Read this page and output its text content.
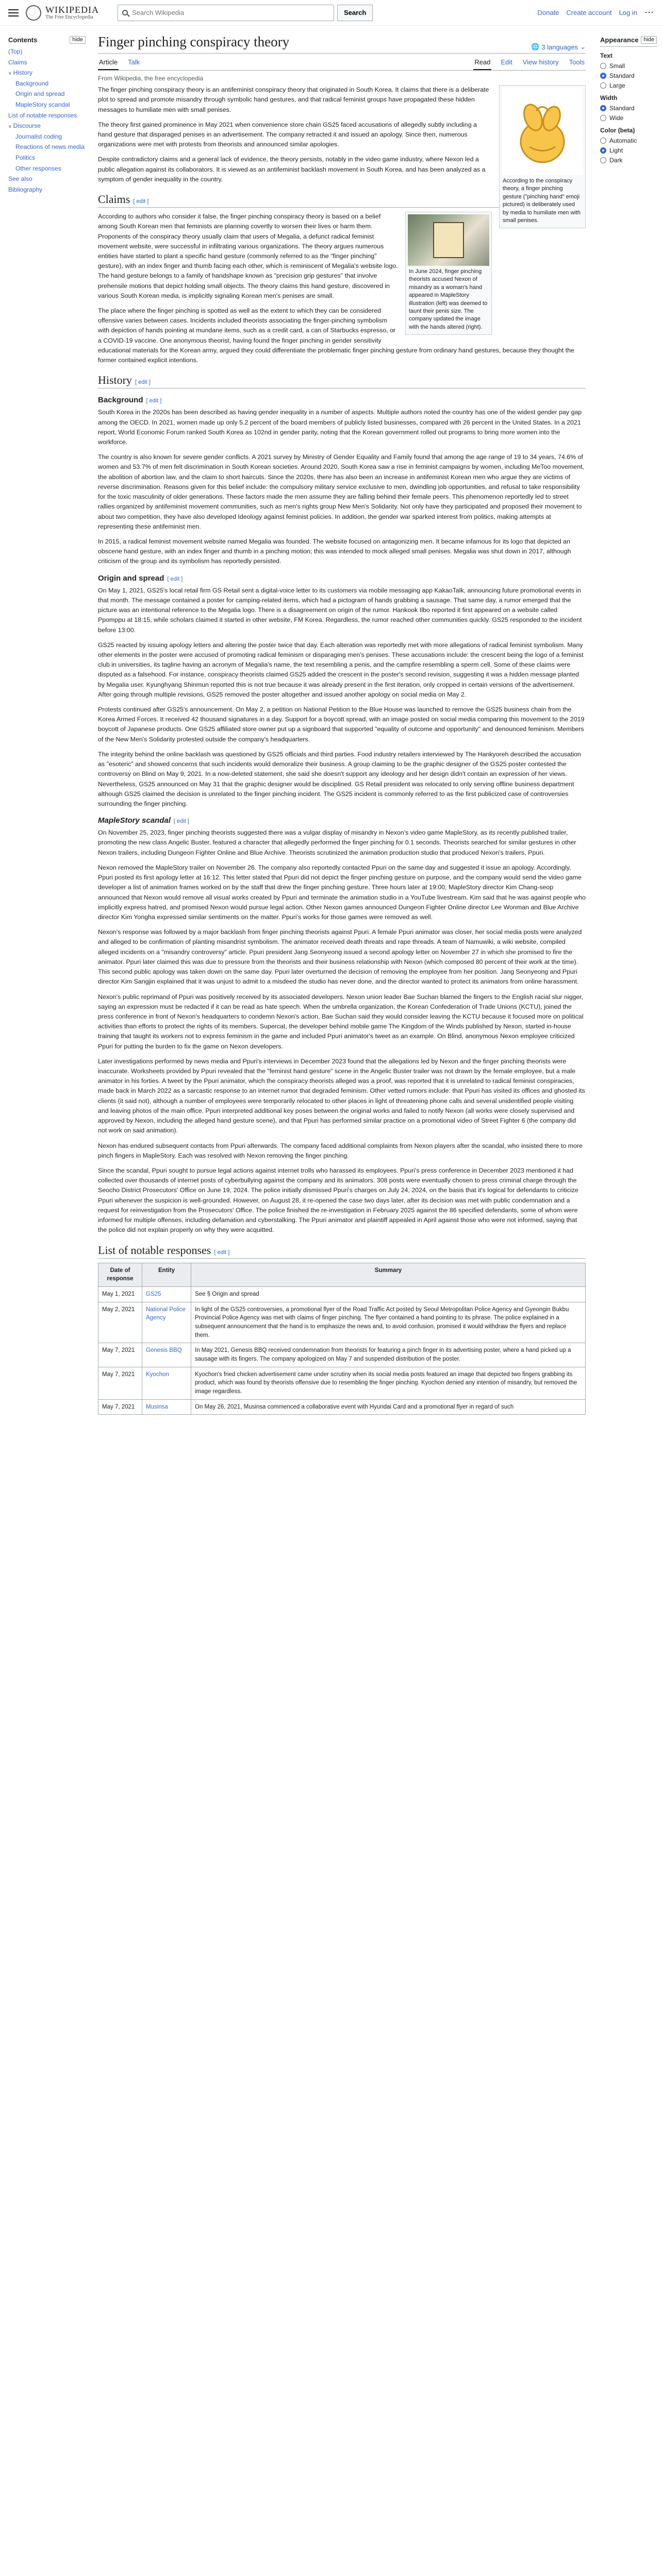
WIKIPEDIA
The Free Encyclopedia
Search Wikipedia
Search	Donate Create account Log in ⋯
Contents	hide
(Top)
Claims
∨ History
Background
Origin and spread
MapleStory scandal
List of notable responses
∨ Discourse
Journalist coding
Reactions of news media
Politics
Other responses
See also
Bibliography
Finger pinching conspiracy theory	🌐 3 languages ⌄
Article Talk	Read Edit View history Tools
From Wikipedia, the free encyclopedia
According to the conspiracy theory, a finger pinching gesture ("pinching hand" emoji pictured) is deliberately used by media to humiliate men with small penises.

The finger pinching conspiracy theory is an antifeminist conspiracy theory that originated in South Korea. It claims that there is a deliberate plot to spread and promote misandry through symbolic hand gestures, and that radical feminist groups have propagated these hidden messages to humiliate men with small penises.

The theory first gained prominence in May 2021 when convenience store chain GS25 faced accusations of allegedly subtly including a hand gesture that disparaged penises in an advertisement. The company retracted it and issued an apology. Since then, numerous organizations were met with protests from theorists and announced similar apologies.

Despite contradictory claims and a general lack of evidence, the theory persists, notably in the video game industry, where Nexon led a public allegation against its collaborators. It is viewed as an antifeminist backlash movement in South Korea, and has been analyzed as a symptom of gender inequality in the country.

Claims [ edit ]
In June 2024, finger pinching theorists accused Nexon of misandry as a woman's hand appeared in MapleStory illustration (left) was deemed to taunt their penis size. The company updated the image with the hands altered (right).

According to authors who consider it false, the finger pinching conspiracy theory is based on a belief among South Korean men that feminists are planning covertly to worsen their lives or harm them. Proponents of the conspiracy theory usually claim that users of Megalia, a defunct radical feminist movement website, were successful in infiltrating various organizations. The theory argues numerous entities have started to plant a specific hand gesture (commonly referred to as the "finger pinching" gesture), with an index finger and thumb facing each other, which is reminiscent of Megalia's website logo. The hand gesture belongs to a family of handshape known as "precision grip gestures" that involve prehensile motions that depict holding small objects. The theory claims this hand gesture, discovered in various South Korean media, is implicitly signaling Korean men's penises are small.

The place where the finger pinching is spotted as well as the extent to which they can be considered offensive varies between cases. Incidents included theorists associating the finger-pinching symbolism with depiction of hands pointing at mundane items, such as a credit card, a can of Starbucks espresso, or a COVID-19 vaccine. One anonymous theorist, having found the finger pinching in gender sensitivity educational materials for the Korean army, argued they could differentiate the problematic finger pinching gesture from ordinary hand gestures, because they thought the former contained explicit intentions.

History [ edit ]
Background [ edit ]

South Korea in the 2020s has been described as having gender inequality in a number of aspects. Multiple authors noted the country has one of the widest gender pay gap among the OECD. In 2021, women made up only 5.2 percent of the board members of publicly listed businesses, compared with 26 percent in the United States. In a 2021 report, World Economic Forum ranked South Korea as 102nd in gender parity, noting that the Korean government rolled out programs to bring more women into the workforce.

The country is also known for severe gender conflicts. A 2021 survey by Ministry of Gender Equality and Family found that among the age range of 19 to 34 years, 74.6% of women and 53.7% of men felt discrimination in South Korean societies. Around 2020, South Korea saw a rise in feminist campaigns by women, including MeToo movement, the abolition of abortion law, and the claim to short haircuts. Since the 2020s, there has also been an increase in antifeminist Korean men who argue they are victims of reverse discrimination. Reasons given for this belief include: the compulsory military service exclusive to men, dwindling job opportunities, and refusal to take responsibility for the toxic masculinity of older generations. These factors made the men assume they are falling behind their female peers. This phenomenon reportedly led to street rallies organized by antifeminist movement communities, such as men's rights group New Men's Solidarity. Not only have they participated and proposed their movement to about two competition, they have also developed Ideology against feminist policies. In addition, the gender war sparked interest from politics, making attempts at representing these antifeminist men.

In 2015, a radical feminist movement website named Megalia was founded. The website focused on antagonizing men. It became infamous for its logo that depicted an obscene hand gesture, with an index finger and thumb in a pinching motion; this was intended to mock alleged small penises. Megalia was shut down in 2017, although criticism of the group and its symbolism has reportedly persisted.

Origin and spread [ edit ]

On May 1, 2021, GS25's local retail firm GS Retail sent a digital-voice letter to its customers via mobile messaging app KakaoTalk, announcing future promotional events in that month. The message contained a poster for camping-related items, which had a pictogram of hands grabbing a sausage. That same day, a rumor emerged that the picture was an intentional reference to the Megalia logo. There is a disagreement on origin of the rumor. Hankook Ilbo reported it first appeared on a website called Ppomppu at 18:15, while scholars claimed it started in other website, FM Korea. Regardless, the rumor reached other communities quickly. GS25 responded to the incident before 13:00.

GS25 reacted by issuing apology letters and altering the poster twice that day. Each alteration was reportedly met with more allegations of radical feminist symbolism. Many other elements in the poster were accused of promoting radical feminism or disparaging men's penises. These accusations include: the crescent being the logo of a feminist club in universities, its tagline having an acronym of Megalia's name, the text resembling a penis, and the campfire resembling a sperm cell. Some of these claims were disputed as a falsehood. For instance, conspiracy theorists claimed GS25 added the crescent in the poster's second revision, suggesting it was a hidden message planted by Megalia user. Kyunghyang Shinmun reported this is not true because it was already present in the first iteration, only cropped in certain versions of the advertisement. After going through multiple revisions, GS25 removed the poster altogether and issued another apology on social media on May 2.

Protests continued after GS25's announcement. On May 2, a petition on National Petition to the Blue House was launched to remove the GS25 business chain from the Korea Armed Forces. It received 42 thousand signatures in a day. Support for a boycott spread, with an image posted on social media comparing this movement to the 2019 boycott of Japanese products. One GS25 affiliated store owner put up a signboard that supported "equality of outcome and opportunity" and denounced feminism. Members of the New Men's Solidarity protested outside the company's headquarters.

The integrity behind the online backlash was questioned by GS25 officials and third parties. Food industry retailers interviewed by The Hankyoreh described the accusation as "esoteric" and showed concerns that such incidents would demoralize their business. A group claiming to be the graphic designer of the GS25 poster contested the controversy on Blind on May 9, 2021. In a now-deleted statement, she said she doesn't support any ideology and her design didn't contain an expression of her views. Nevertheless, GS25 announced on May 31 that the graphic designer would be disciplined. GS Retail president was relocated to only serving offline business department although GS25 claimed the decision is unrelated to the finger pinching incident. The GS25 incident is commonly referred to as the first publicized case of controversies surrounding the finger pinching.

MapleStory scandal [ edit ]

On November 25, 2023, finger pinching theorists suggested there was a vulgar display of misandry in Nexon's video game MapleStory, as its recently published trailer, promoting the new class Angelic Buster, featured a character that allegedly performed the finger pinching for 0.1 seconds. Theorists searched for similar gestures in other Nexon trailers, including Dungeon Fighter Online and Blue Archive. Theorists scrutinized the animation production studio that produced Nexon's trailers, Ppuri.

Nexon removed the MapleStory trailer on November 26. The company also reportedly contacted Ppuri on the same day and suggested it issue an apology. Accordingly, Ppuri posted its first apology letter at 16:12. This letter stated that Ppuri did not depict the finger pinching gesture on purpose, and the company would send the video game developer a list of animation frames worked on by the staff that drew the finger pinching gesture. Three hours later at 19:00, MapleStory director Kim Chang-seop announced that Nexon would remove all visual works created by Ppuri and terminate the animation studio in a YouTube livestream. Kim said that he was against people who implicitly express hatred, and promised Nexon would pursue legal action. Other Nexon games announced Dungeon Fighter Online director Lee Wonman and Blue Archive director Kim Yongha expressed similar sentiments on the matter. Ppuri's works for those games were removed as well.

Nexon's response was followed by a major backlash from finger pinching theorists against Ppuri. A female Ppuri animator was closer, her social media posts were analyzed and alleged to be confirmation of planting misandrist symbolism. The animator received death threats and rape threads. A team of Namuwiki, a wiki website, compiled alleged incidents on a "misandry controversy" article. Ppuri president Jang Seonyeong issued a second apology letter on November 27 in which she promised to fire the animator. Ppuri later claimed this was due to pressure from the theorists and their business relationship with Nexon (which composed 80 percent of their work at the time). This second public apology was taken down on the same day. Ppuri later overturned the decision of removing the employee from her position. Jang Seonyeong and Ppuri director Kim Sangjin explained that it was unjust to admit to a misdeed the studio has never done, and the director wanted to protect its animators from online harassment.

Nexon's public reprimand of Ppuri was positively received by its associated developers. Nexon union leader Bae Suchan blamed the fingers to the English racial slur nigger, saying an expression must be redacted if it can be read as hate speech. When the umbrella organization, the Korean Confederation of Trade Unions (KCTU), joined the press conference in front of Nexon's headquarters to condemn Nexon's action, Bae Suchan said they would consider leaving the KCTU because it focused more on political activities than efforts to protect the rights of its members. Supercat, the developer behind mobile game The Kingdom of the Winds published by Nexon, started in-house training that taught its workers not to express feminism in the game and included Ppuri animator's tweet as an example. On Blind, anonymous Nexon employee criticized Ppuri for putting the burden to fix the game on Nexon developers.

Later investigations performed by news media and Ppuri's interviews in December 2023 found that the allegations led by Nexon and the finger pinching theorists were inaccurate. Worksheets provided by Ppuri revealed that the "feminist hand gesture" scene in the Angelic Buster trailer was not drawn by the female employee, but a male animator in his forties. A tweet by the Ppuri animator, which the conspiracy theorists alleged was a proof, was reported that it is unrelated to radical feminist conspiracies, made back in March 2022 as a sarcastic response to an internet rumor that degraded feminism. Other vetted rumors include: that Ppuri has visited its offices and ghosted its clients (it said not), although a number of employees were temporarily relocated to other places in light of threatening phone calls and several unidentified people visiting and leaving photos of the main office. Ppuri interpreted additional key poses between the original works and failed to notify Nexon (all works were closely supervised and approved by Nexon, including the alleged hand gesture scene), and that Ppuri has performed similar practice on a promotional video of Street Fighter 6 (the company did not work on said animation).

Nexon has endured subsequent contacts from Ppuri afterwards. The company faced additional complaints from Nexon players after the scandal, who insisted there to more pinch fingers in MapleStory. Each was resolved with Nexon removing the finger pinching.

Since the scandal, Ppuri sought to pursue legal actions against internet trolls who harassed its employees. Ppuri's press conference in December 2023 mentioned it had collected over thousands of internet posts of cyberbullying against the company and its animators. 308 posts were eventually chosen to press criminal charge through the Seocho District Prosecutors' Office on June 19, 2024. The police initially dismissed Ppuri's charges on July 24, 2024, on the basis that it's logical for defendants to criticize Ppuri whenever the suspicion is well-grounded. However, on August 28, it re-opened the case two days later, after its decision was met with public condemnation and a request for reinvestigation from the Prosecutors' Office. The police finished the re-investigation in February 2025 against the 86 specified defendants, some of whom were informed for multiple offenses, including defamation and cyberstalking. The Ppuri animator and plaintiff appealed in April against those who were not informed, saying that the police did not explain properly on why they were acquitted.

List of notable responses [ edit ]
Date of response	Entity	Summary
May 1, 2021	GS25	See § Origin and spread
May 2, 2021	National Police Agency	In light of the GS25 controversies, a promotional flyer of the Road Traffic Act posted by Seoul Metropolitan Police Agency and Gyeongin Bukbu Provincial Police Agency was met with claims of finger pinching. The flyer contained a hand pointing to its phrase. The police explained in a subsequent announcement that the hand is to emphasize the news and, to avoid confusion, promised it would withdraw the flyers and replace them.
May 7, 2021	Genesis BBQ	In May 2021, Genesis BBQ received condemnation from theorists for featuring a pinch finger in its advertising poster, where a hand picked up a sausage with its fingers. The company apologized on May 7 and suspended distribution of the poster.
May 7, 2021	Kyochon	Kyochon's fried chicken advertisement came under scrutiny when its social media posts featured an image that depicted two fingers grabbing its product, which was found by theorists offensive due to resembling the finger pinching. Kyochon denied any intention of misandry, but removed the image regardless.
May 7, 2021	Musinsa	On May 26, 2021, Musinsa commenced a collaborative event with Hyundai Card and a promotional flyer in regard of such
Appearance hide
Text
Small
Standard
Large
Width
Standard
Wide
Color (beta)
Automatic
Light
Dark
